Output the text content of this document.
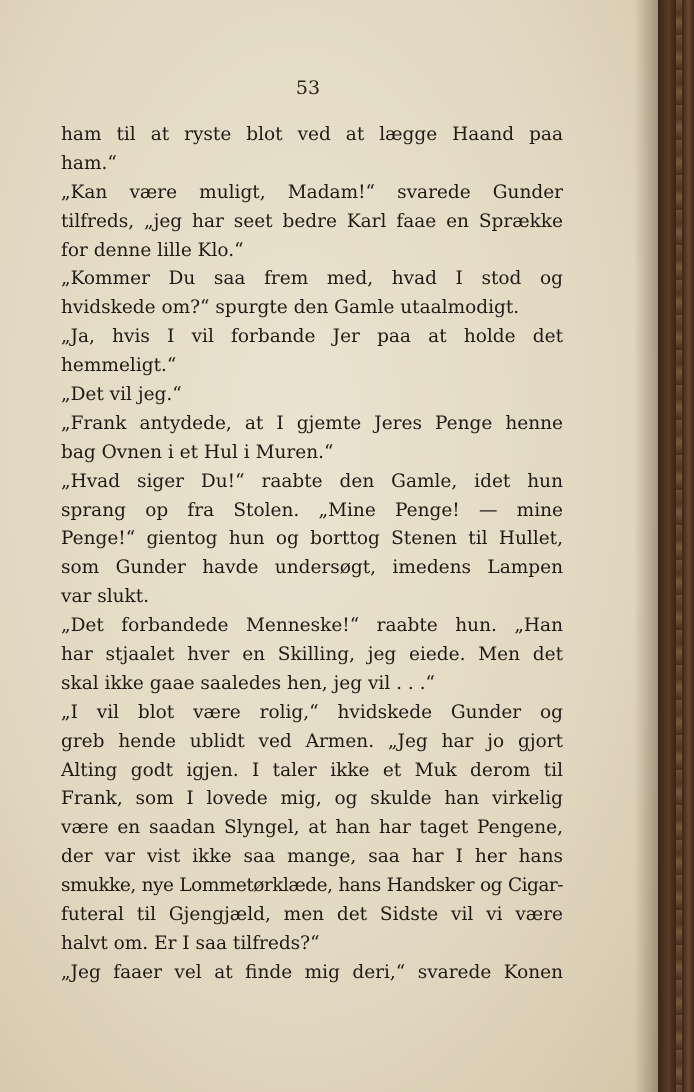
53
ham til at ryste blot ved at lægge Haand paa
ham.“
„Kan være muligt, Madam!“ svarede Gunder
tilfreds, „jeg har seet bedre Karl faae en Sprække
for denne lille Klo.“
„Kommer Du saa frem med, hvad I stod og
hvidskede om?“ spurgte den Gamle utaalmodigt.
„Ja, hvis I vil forbande Jer paa at holde det
hemmeligt.“
„Det vil jeg.“
„Frank antydede, at I gjemte Jeres Penge henne
bag Ovnen i et Hul i Muren.“
„Hvad siger Du!“ raabte den Gamle, idet hun
sprang op fra Stolen. „Mine Penge! — mine
Penge!“ gientog hun og borttog Stenen til Hullet,
som Gunder havde undersøgt, imedens Lampen
var slukt.
„Det forbandede Menneske!“ raabte hun. „Han
har stjaalet hver en Skilling, jeg eiede. Men det
skal ikke gaae saaledes hen, jeg vil . . .“
„I vil blot være rolig,“ hvidskede Gunder og
greb hende ublidt ved Armen. „Jeg har jo gjort
Alting godt igjen. I taler ikke et Muk derom til
Frank, som I lovede mig, og skulde han virkelig
være en saadan Slyngel, at han har taget Pengene,
der var vist ikke saa mange, saa har I her hans
smukke, nye Lommetørklæde, hans Handsker og Cigar-
futeral til Gjengjæld, men det Sidste vil vi være
halvt om. Er I saa tilfreds?“
„Jeg faaer vel at finde mig deri,“ svarede Konen
